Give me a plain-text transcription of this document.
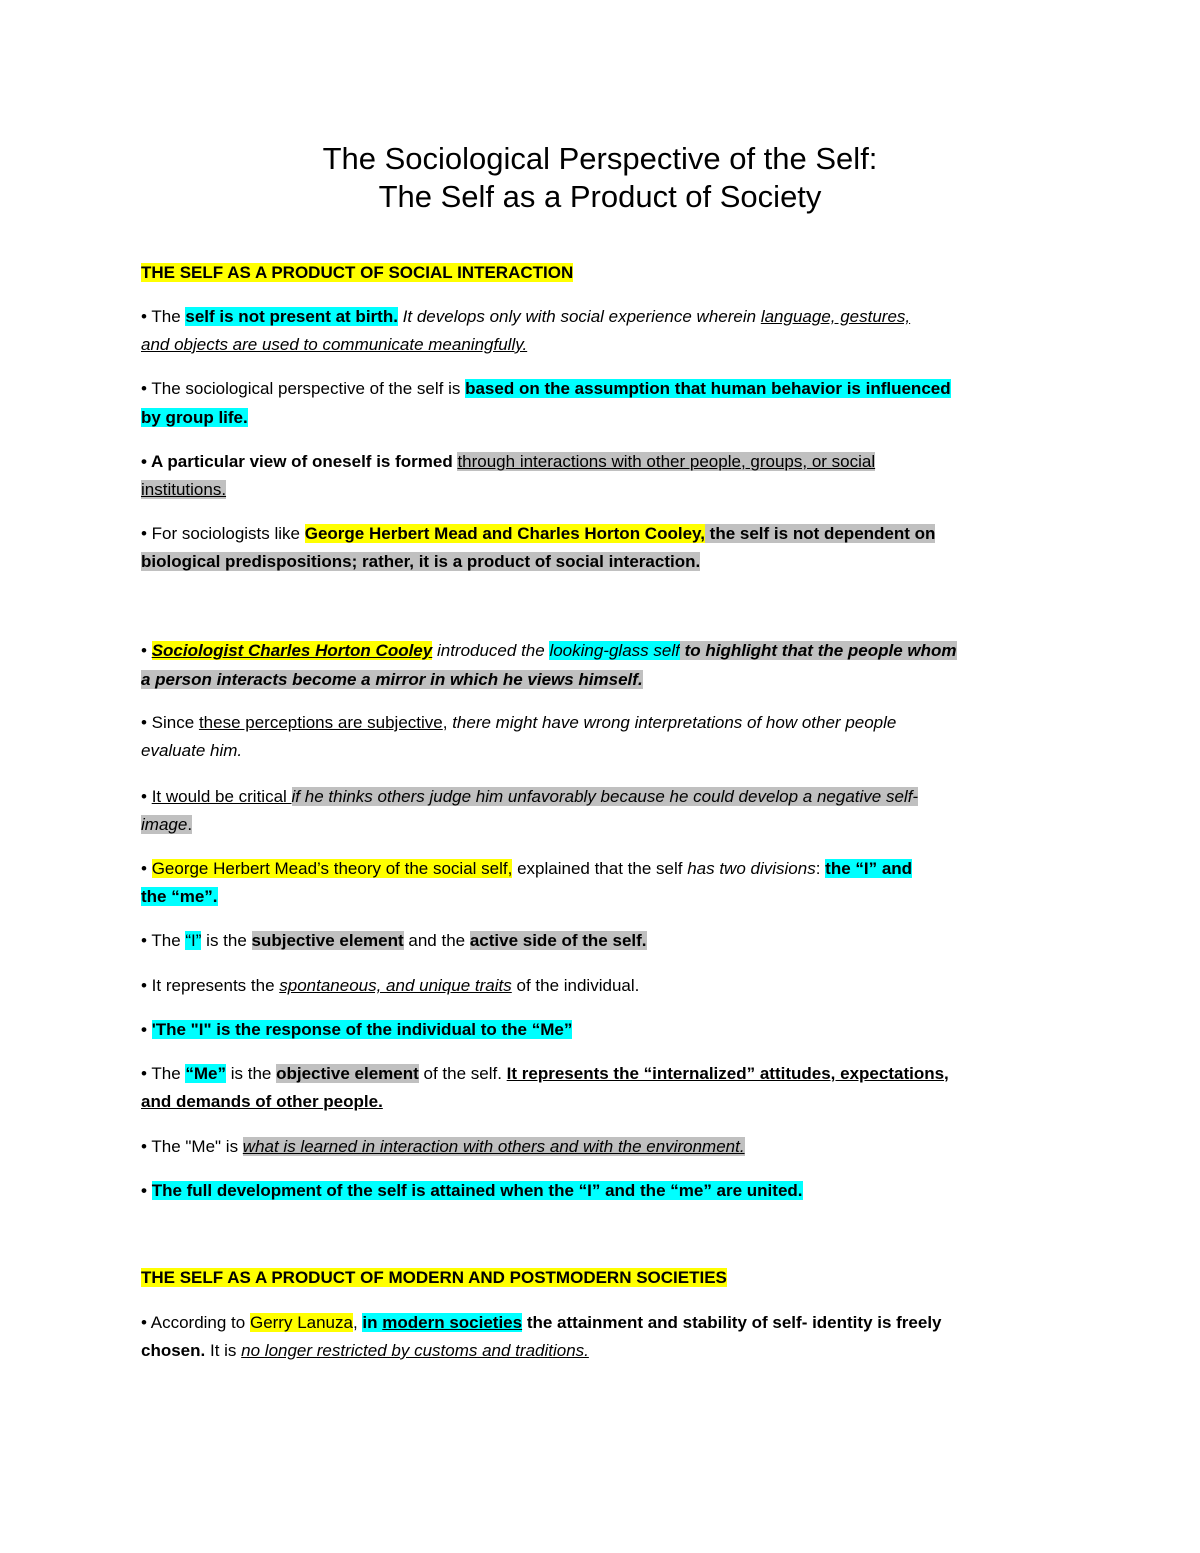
The Sociological Perspective of the Self:
The Self as a Product of Society
THE SELF AS A PRODUCT OF SOCIAL INTERACTION
• The self is not present at birth. It develops only with social experience wherein language, gestures,
and objects are used to communicate meaningfully.
• The sociological perspective of the self is based on the assumption that human behavior is influenced
by group life.
• A particular view of oneself is formed through interactions with other people, groups, or social
institutions.
• For sociologists like George Herbert Mead and Charles Horton Cooley, the self is not dependent on
biological predispositions; rather, it is a product of social interaction.
• Sociologist Charles Horton Cooley introduced the looking-glass self to highlight that the people whom
a person interacts become a mirror in which he views himself.
• Since these perceptions are subjective, there might have wrong interpretations of how other people
evaluate him.
• It would be critical if he thinks others judge him unfavorably because he could develop a negative self-
image.
• George Herbert Mead’s theory of the social self, explained that the self has two divisions: the “I” and
the “me”.
• The “I” is the subjective element and the active side of the self.
• It represents the spontaneous, and unique traits of the individual.
• 'The "I" is the response of the individual to the “Me”
• The “Me” is the objective element of the self. It represents the “internalized” attitudes, expectations,
and demands of other people.
• The "Me" is what is learned in interaction with others and with the environment.
• The full development of the self is attained when the “I” and the “me” are united.
THE SELF AS A PRODUCT OF MODERN AND POSTMODERN SOCIETIES
• According to Gerry Lanuza, in modern societies the attainment and stability of self- identity is freely
chosen. It is no longer restricted by customs and traditions.
